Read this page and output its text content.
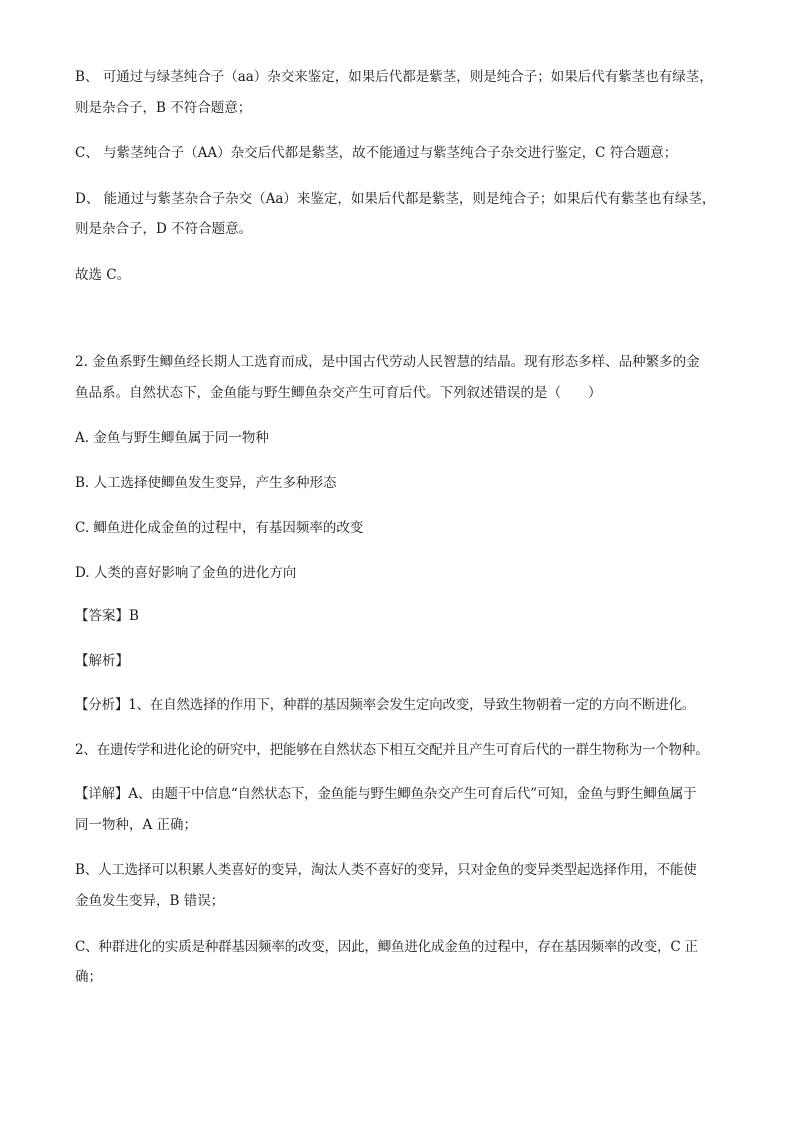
B、 可通过与绿茎纯合子（aa）杂交来鉴定，如果后代都是紫茎，则是纯合子；如果后代有紫茎也有绿茎，

则是杂合子，B 不符合题意；

C、 与紫茎纯合子（AA）杂交后代都是紫茎，故不能通过与紫茎纯合子杂交进行鉴定，C 符合题意；

D、 能通过与紫茎杂合子杂交（Aa）来鉴定，如果后代都是紫茎，则是纯合子；如果后代有紫茎也有绿茎，

则是杂合子，D 不符合题意。

故选 C。

2. 金鱼系野生鲫鱼经长期人工选育而成，是中国古代劳动人民智慧的结晶。现有形态多样、品种繁多的金

鱼品系。自然状态下，金鱼能与野生鲫鱼杂交产生可育后代。下列叙述错误的是（　　）

A. 金鱼与野生鲫鱼属于同一物种

B. 人工选择使鲫鱼发生变异，产生多种形态

C. 鲫鱼进化成金鱼的过程中，有基因频率的改变

D. 人类的喜好影响了金鱼的进化方向

【答案】B

【解析】

【分析】1、在自然选择的作用下，种群的基因频率会发生定向改变，导致生物朝着一定的方向不断进化。

2、在遗传学和进化论的研究中，把能够在自然状态下相互交配并且产生可育后代的一群生物称为一个物种。

【详解】A、由题干中信息“自然状态下，金鱼能与野生鲫鱼杂交产生可育后代”可知，金鱼与野生鲫鱼属于

同一物种，A 正确；

B、人工选择可以积累人类喜好的变异，淘汰人类不喜好的变异，只对金鱼的变异类型起选择作用，不能使

金鱼发生变异，B 错误；

C、种群进化的实质是种群基因频率的改变，因此，鲫鱼进化成金鱼的过程中，存在基因频率的改变，C 正

确；
